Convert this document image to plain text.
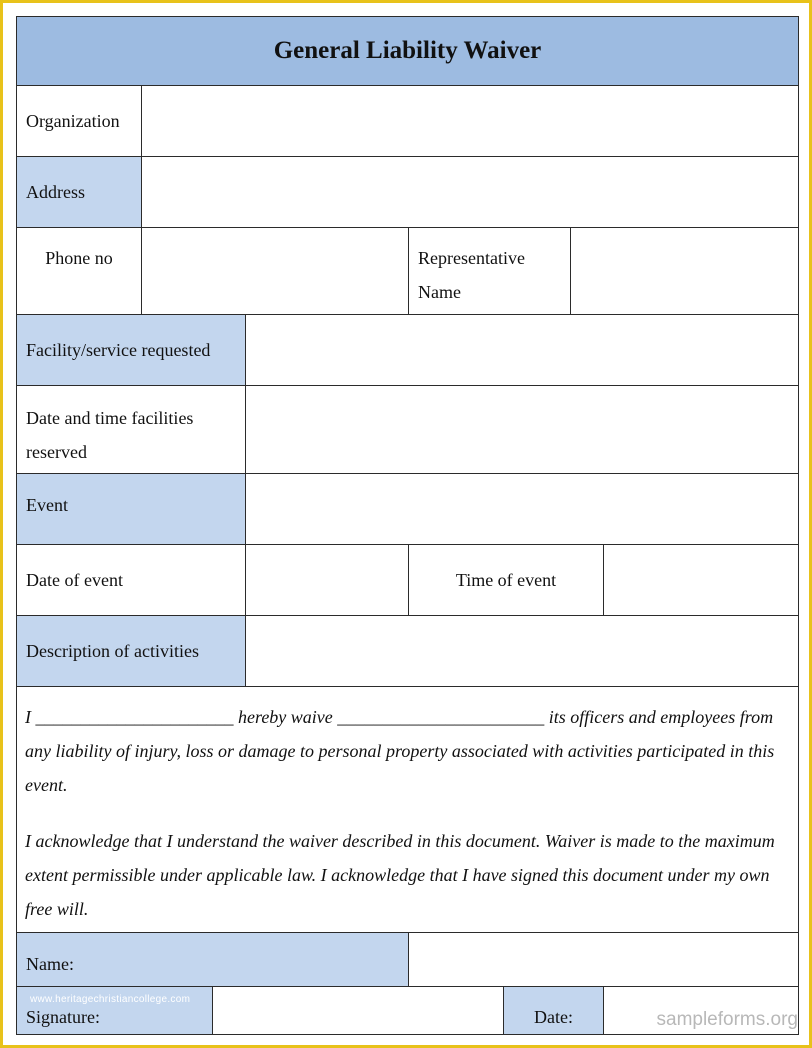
General Liability Waiver
Organization
Address
Phone no	Representative Name
Facility/service requested
Date and time facilities reserved
Event
Date of event	Time of event
Description of activities
I ______________________ hereby waive _______________________ its officers and employees from any liability of injury, loss or damage to personal property associated with activities participated in this event.
I acknowledge that I understand the waiver described in this document. Waiver is made to the maximum extent permissible under applicable law. I acknowledge that I have signed this document under my own free will.
Name:
Signature:	Date:
www.heritagechristiancollege.com
sampleforms.org
